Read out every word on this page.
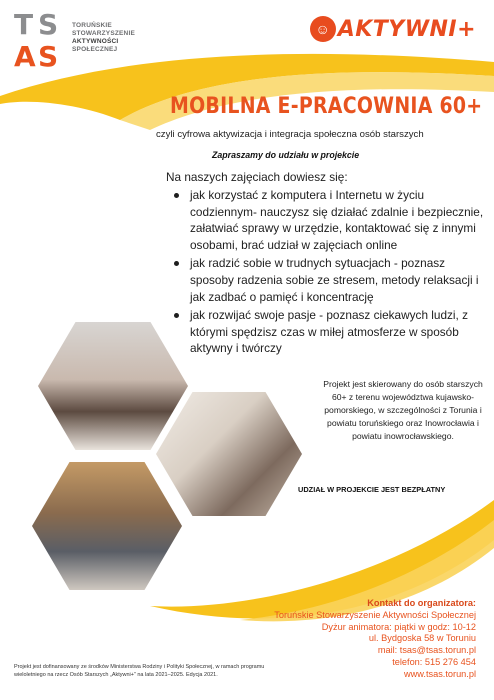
T S
A S
TORUŃSKIE
STOWARZYSZENIE
AKTYWNOŚCI
SPOŁECZNEJ
☺ AKTYWNI+
MOBILNA E-PRACOWNIA 60+
czyli cyfrowa aktywizacja i integracja społeczna osób starszych
Zapraszamy do udziału w projekcie
Na naszych zajęciach dowiesz się:
jak korzystać z komputera i Internetu w życiu codziennym- nauczysz się działać zdalnie i bezpiecznie, załatwiać sprawy w urzędzie, kontaktować się z innymi osobami, brać udział w zajęciach online
jak radzić sobie w trudnych sytuacjach - poznasz sposoby radzenia sobie ze stresem, metody relaksacji i jak zadbać o pamięć i koncentrację
jak rozwijać swoje pasje - poznasz ciekawych ludzi, z którymi spędzisz czas w miłej atmosferze w sposób aktywny i twórczy
Projekt jest skierowany do osób starszych 60+ z terenu województwa kujawsko-pomorskiego, w szczególności z Torunia i powiatu toruńskiego oraz Inowrocławia i powiatu inowrocławskiego.
UDZIAŁ W PROJEKCIE JEST BEZPŁATNY
Kontakt do organizatora:
Toruńskie Stowarzyszenie Aktywności Społecznej
Dyżur animatora: piątki w godz: 10-12
ul. Bydgoska 58 w Toruniu
mail: tsas@tsas.torun.pl
telefon: 515 276 454
www.tsas.torun.pl
Projekt jest dofinansowany ze środków Ministerstwa Rodziny i Polityki Społecznej, w ramach programu wieloletniego na rzecz Osób Starszych „Aktywni+” na lata 2021–2025. Edycja 2021.
